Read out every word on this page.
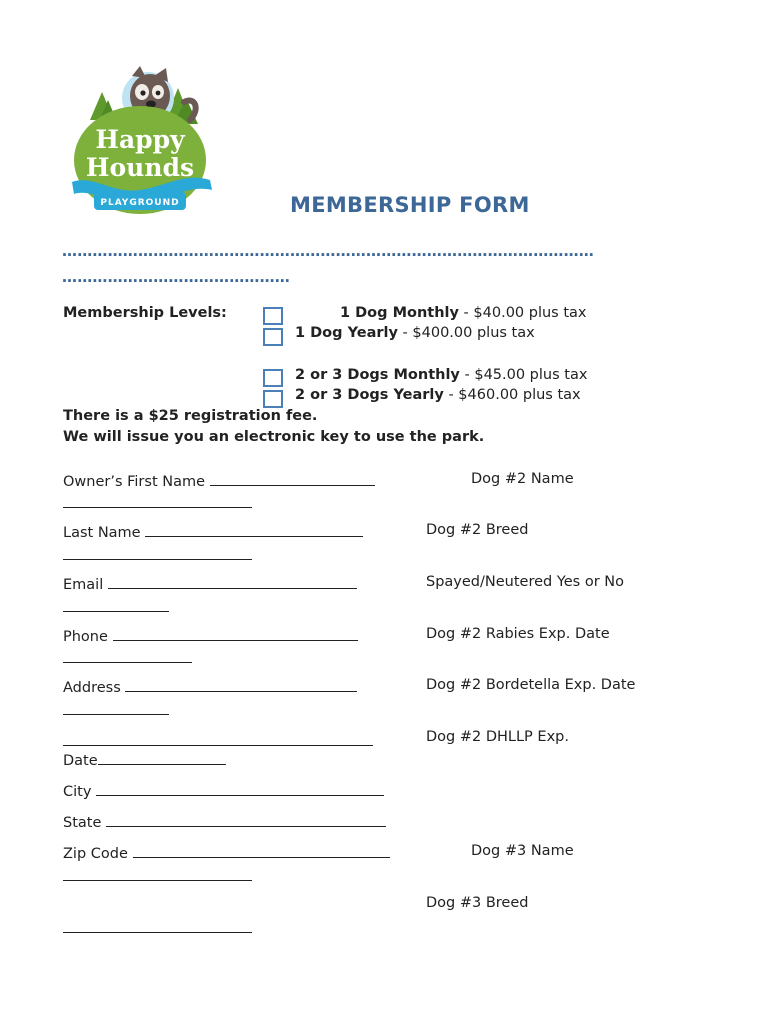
PLAYGROUND
Happy
Hounds
MEMBERSHIP FORM
……………………………………………………………………………………………
………………………………………
Membership Levels:	1 Dog Monthly - $40.00 plus tax
1 Dog Yearly - $400.00 plus tax
2 or 3 Dogs Monthly - $45.00 plus tax
2 or 3 Dogs Yearly - $460.00 plus tax
There is a $25 registration fee.
We will issue you an electronic key to use the park.
Owner’s First Name
Last Name
Email
Phone
Address
Date
City
State
Zip Code
Dog #2 Name
Dog #2 Breed
Spayed/Neutered Yes or No
Dog #2 Rabies Exp. Date
Dog #2 Bordetella Exp. Date
Dog #2 DHLLP Exp.
Dog #3 Name
Dog #3 Breed
